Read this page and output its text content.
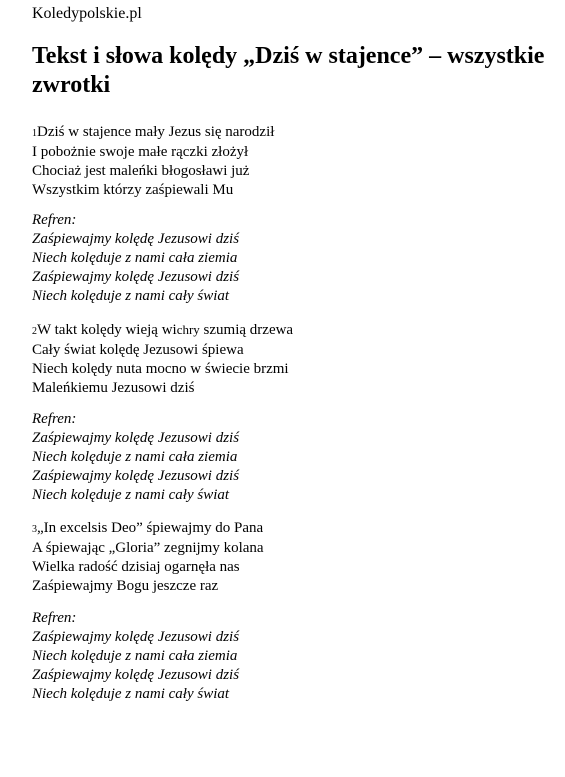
Koledypolskie.pl
Tekst i słowa kolędy „Dziś w stajence” – wszystkie zwrotki
1Dziś w stajence mały Jezus się narodził
I pobożnie swoje małe rączki złożył
Chociaż jest maleńki błogosławi już
Wszystkim którzy zaśpiewali Mu
Refren:
Zaśpiewajmy kolędę Jezusowi dziś
Niech kolęduje z nami cała ziemia
Zaśpiewajmy kolędę Jezusowi dziś
Niech kolęduje z nami cały świat
2W takt kolędy wieją wichry szumią drzewa
Cały świat kolędę Jezusowi śpiewa
Niech kolędy nuta mocno w świecie brzmi
Maleńkiemu Jezusowi dziś
Refren:
Zaśpiewajmy kolędę Jezusowi dziś
Niech kolęduje z nami cała ziemia
Zaśpiewajmy kolędę Jezusowi dziś
Niech kolęduje z nami cały świat
3„In excelsis Deo” śpiewajmy do Pana
A śpiewając „Gloria” zegnijmy kolana
Wielka radość dzisiaj ogarnęła nas
Zaśpiewajmy Bogu jeszcze raz
Refren:
Zaśpiewajmy kolędę Jezusowi dziś
Niech kolęduje z nami cała ziemia
Zaśpiewajmy kolędę Jezusowi dziś
Niech kolęduje z nami cały świat
